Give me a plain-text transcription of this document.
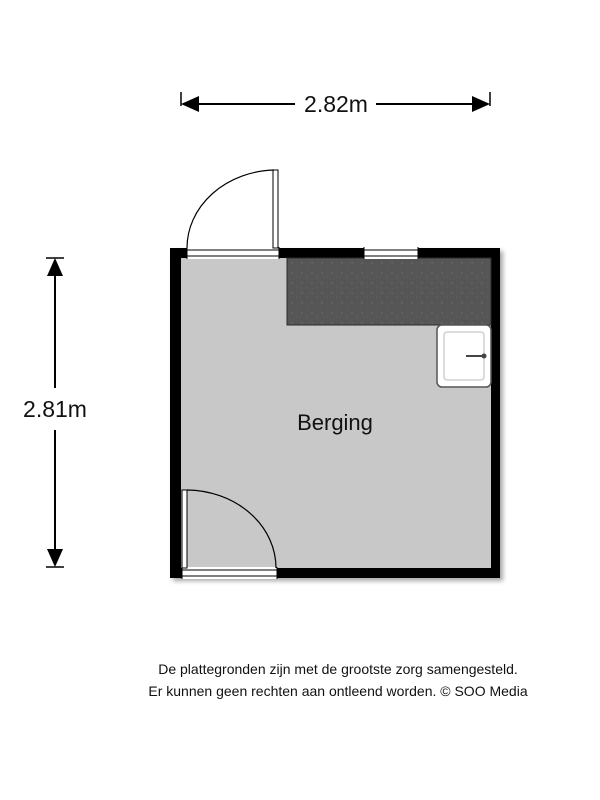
2.82m
2.81m
Berging

De plattegronden zijn met de grootste zorg samengesteld.

Er kunnen geen rechten aan ontleend worden. © SOO Media
